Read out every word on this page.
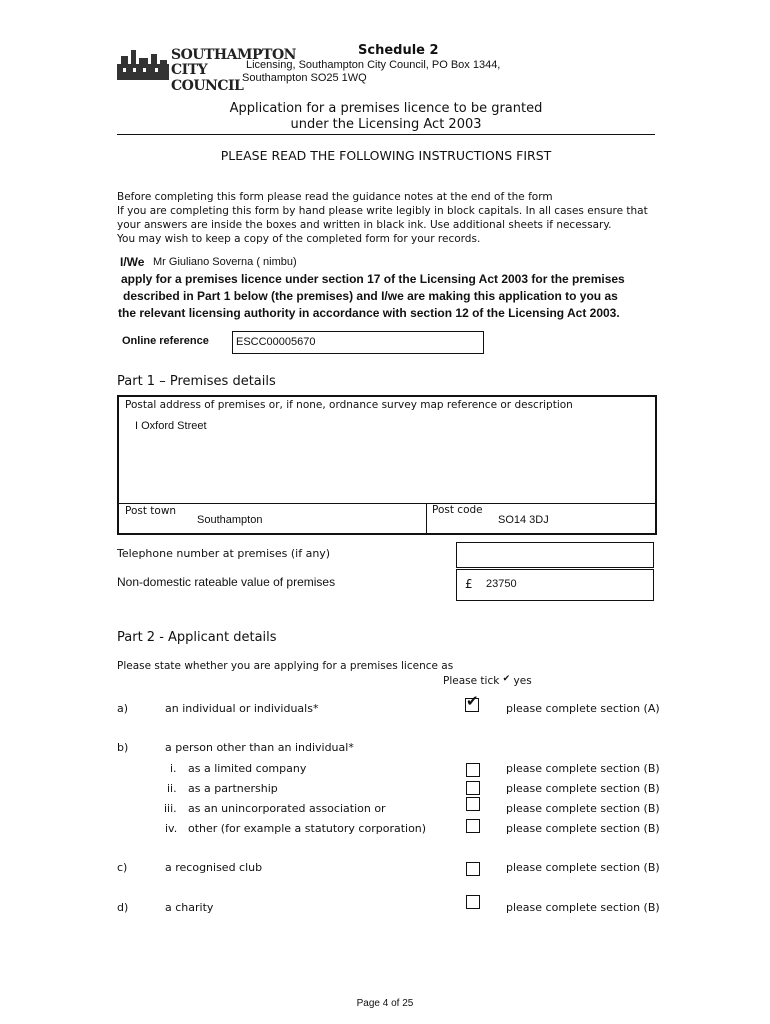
SOUTHAMPTON
CITY COUNCIL
Schedule 2
Licensing, Southampton City Council, PO Box 1344,
Southampton SO25 1WQ
Application for a premises licence to be granted
under the Licensing Act 2003
PLEASE READ THE FOLLOWING INSTRUCTIONS FIRST
Before completing this form please read the guidance notes at the end of the form
If you are completing this form by hand please write legibly in block capitals. In all cases ensure that
your answers are inside the boxes and written in black ink. Use additional sheets if necessary.
You may wish to keep a copy of the completed form for your records.
I/We Mr Giuliano Soverna ( nimbu)
apply for a premises licence under section 17 of the Licensing Act 2003 for the premises
described in Part 1 below (the premises) and I/we are making this application to you as
the relevant licensing authority in accordance with section 12 of the Licensing Act 2003.
Online reference ESCC00005670
Part 1 – Premises details
Postal address of premises or, if none, ordnance survey map reference or description
I Oxford Street
Post town
Southampton
Post code
SO14 3DJ
Telephone number at premises (if any)
Non-domestic rateable value of premises	£ 23750
Part 2 - Applicant details
Please state whether you are applying for a premises licence as
Please tick ✔ yes
a)	an individual or individuals*	✔ please complete section (A)
b)	a person other than an individual*
i. as a limited company	please complete section (B)
ii. as a partnership	please complete section (B)
iii. as an unincorporated association or	please complete section (B)
iv. other (for example a statutory corporation)	please complete section (B)
c)	a recognised club	please complete section (B)
d)	a charity	please complete section (B)
Page 4 of 25
